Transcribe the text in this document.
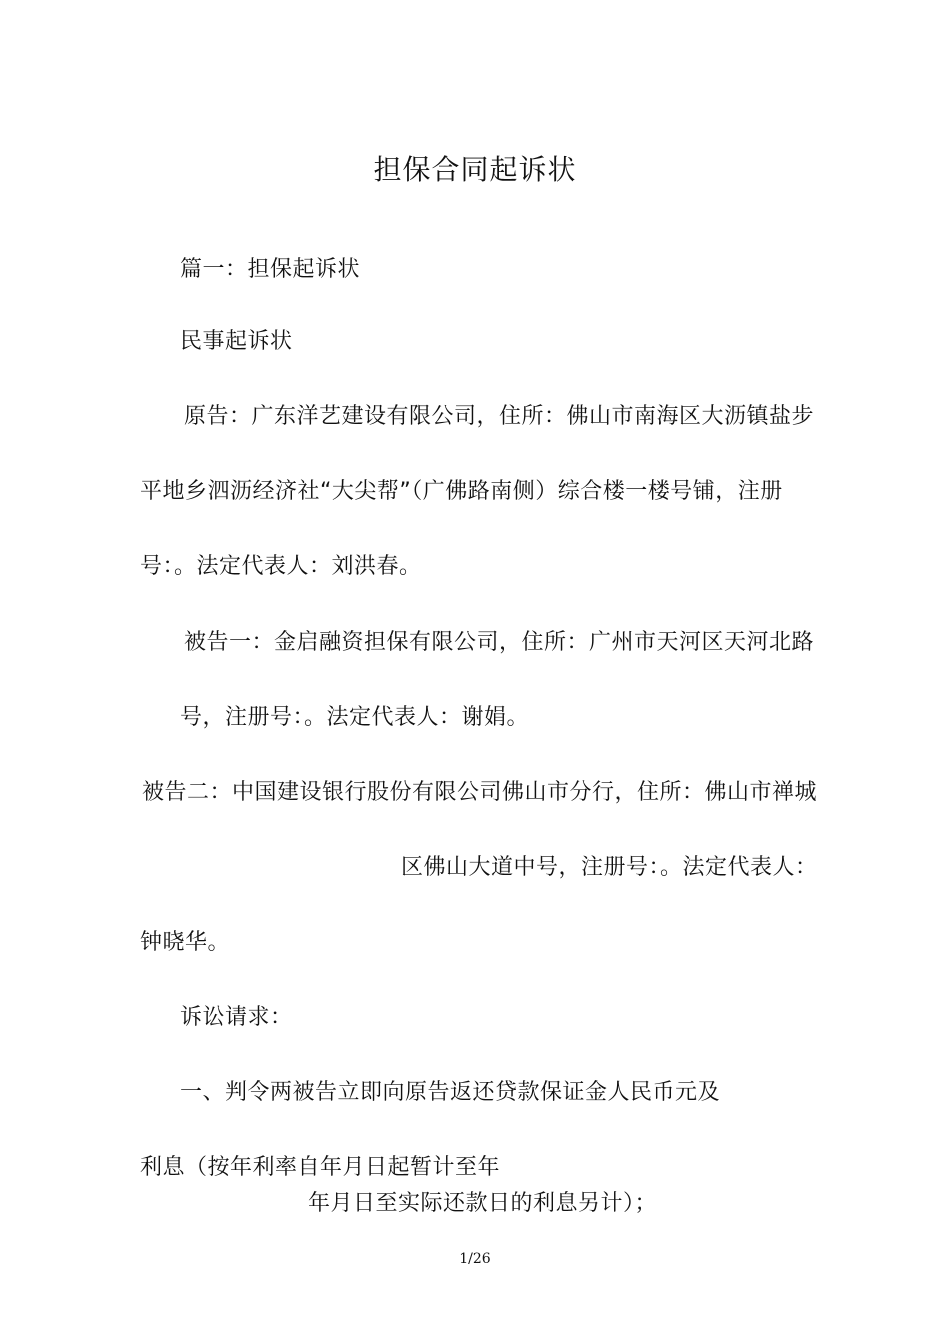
担保合同起诉状
篇一：担保起诉状
民事起诉状
原告：广东洋艺建设有限公司，住所：佛山市南海区大沥镇盐步
平地乡泗沥经济社“大尖帮”（广佛路南侧）综合楼一楼号铺，注册
号：。法定代表人：刘洪春。
被告一：金启融资担保有限公司，住所：广州市天河区天河北路
号，注册号：。法定代表人：谢娟。
被告二：中国建设银行股份有限公司佛山市分行，住所：佛山市禅城
区佛山大道中号，注册号：。法定代表人：
钟晓华。
诉讼请求：
一、判令两被告立即向原告返还贷款保证金人民币元及
利息（按年利率自年月日起暂计至年
年月日至实际还款日的利息另计）；
1/26
